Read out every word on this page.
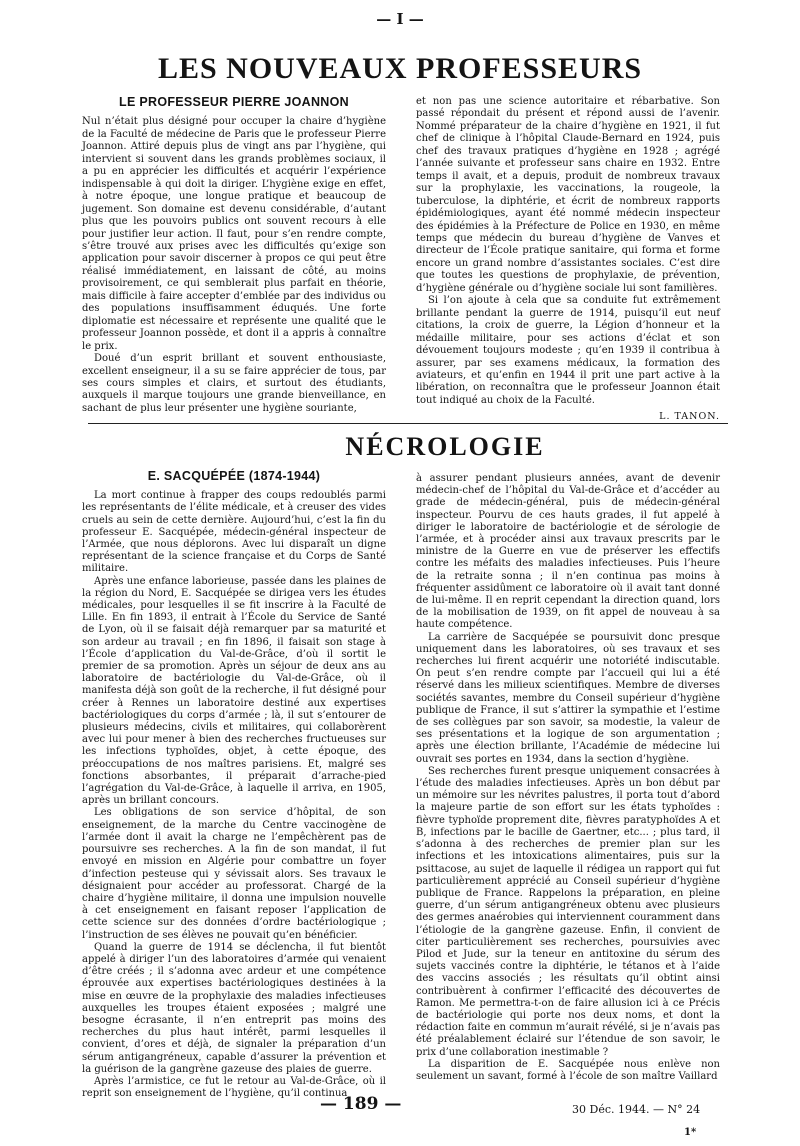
— I —
LES NOUVEAUX PROFESSEURS
LE PROFESSEUR PIERRE JOANNON

Nul n’était plus désigné pour occuper la chaire d’hygiène de la Faculté de médecine de Paris que le professeur Pierre Joannon. Attiré depuis plus de vingt ans par l’hygiène, qui intervient si souvent dans les grands problèmes sociaux, il a pu en apprécier les difficultés et acquérir l’expérience indispensable à qui doit la diriger. L’hygiène exige en effet, à notre époque, une longue pratique et beaucoup de jugement. Son domaine est devenu considérable, d’autant plus que les pouvoirs publics ont souvent recours à elle pour justifier leur action. Il faut, pour s’en rendre compte, s’être trouvé aux prises avec les difficultés qu’exige son application pour savoir discerner à propos ce qui peut être réalisé immédiatement, en laissant de côté, au moins provisoirement, ce qui semblerait plus parfait en théorie, mais difficile à faire accepter d’emblée par des individus ou des populations insuffisamment éduqués. Une forte diplomatie est nécessaire et représente une qualité que le professeur Joannon possède, et dont il a appris à connaître le prix.

Doué d’un esprit brillant et souvent enthousiaste, excellent enseigneur, il a su se faire apprécier de tous, par ses cours simples et clairs, et surtout des étudiants, auxquels il marque toujours une grande bienveillance, en sachant de plus leur présenter une hygiène souriante,

et non pas une science autoritaire et rébarbative. Son passé répondait du présent et répond aussi de l’avenir. Nommé préparateur de la chaire d’hygiène en 1921, il fut chef de clinique à l’hôpital Claude-Bernard en 1924, puis chef des travaux pratiques d’hygiène en 1928 ; agrégé l’année suivante et professeur sans chaire en 1932. Entre temps il avait, et a depuis, produit de nombreux travaux sur la prophylaxie, les vaccinations, la rougeole, la tuberculose, la diphtérie, et écrit de nombreux rapports épidémiologiques, ayant été nommé médecin inspecteur des épidémies à la Préfecture de Police en 1930, en même temps que médecin du bureau d’hygiène de Vanves et directeur de l’École pratique sanitaire, qui forma et forme encore un grand nombre d’assistantes sociales. C’est dire que toutes les questions de prophylaxie, de prévention, d’hygiène générale ou d’hygiène sociale lui sont familières.

Si l’on ajoute à cela que sa conduite fut extrêmement brillante pendant la guerre de 1914, puisqu’il eut neuf citations, la croix de guerre, la Légion d’honneur et la médaille militaire, pour ses actions d’éclat et son dévouement toujours modeste ; qu’en 1939 il contribua à assurer, par ses examens médicaux, la formation des aviateurs, et qu’enfin en 1944 il prit une part active à la libération, on reconnaîtra que le professeur Joannon était tout indiqué au choix de la Faculté.

L. TANON.
NÉCROLOGIE
E. SACQUÉPÉE (1874-1944)

La mort continue à frapper des coups redoublés parmi les représentants de l’élite médicale, et à creuser des vides cruels au sein de cette dernière. Aujourd’hui, c’est la fin du professeur E. Sacquépée, médecin-général inspecteur de l’Armée, que nous déplorons. Avec lui disparaît un digne représentant de la science française et du Corps de Santé militaire.

Après une enfance laborieuse, passée dans les plaines de la région du Nord, E. Sacquépée se dirigea vers les études médicales, pour lesquelles il se fit inscrire à la Faculté de Lille. En fin 1893, il entrait à l’École du Service de Santé de Lyon, où il se faisait déjà remarquer par sa maturité et son ardeur au travail ; en fin 1896, il faisait son stage à l’École d’application du Val-de-Grâce, d’où il sortit le premier de sa promotion. Après un séjour de deux ans au laboratoire de bactériologie du Val-de-Grâce, où il manifesta déjà son goût de la recherche, il fut désigné pour créer à Rennes un laboratoire destiné aux expertises bactériologiques du corps d’armée ; là, il sut s’entourer de plusieurs médecins, civils et militaires, qui collaborèrent avec lui pour mener à bien des recherches fructueuses sur les infections typhoïdes, objet, à cette époque, des préoccupations de nos maîtres parisiens. Et, malgré ses fonctions absorbantes, il préparait d’arrache-pied l’agrégation du Val-de-Grâce, à laquelle il arriva, en 1905, après un brillant concours.

Les obligations de son service d’hôpital, de son enseignement, de la marche du Centre vaccinogène de l’armée dont il avait la charge ne l’empêchèrent pas de poursuivre ses recherches. A la fin de son mandat, il fut envoyé en mission en Algérie pour combattre un foyer d’infection pesteuse qui y sévissait alors. Ses travaux le désignaient pour accéder au professorat. Chargé de la chaire d’hygiène militaire, il donna une impulsion nouvelle à cet enseignement en faisant reposer l’application de cette science sur des données d’ordre bactériologique ; l’instruction de ses élèves ne pouvait qu’en bénéficier.

Quand la guerre de 1914 se déclencha, il fut bientôt appelé à diriger l’un des laboratoires d’armée qui venaient d’être créés ; il s’adonna avec ardeur et une compétence éprouvée aux expertises bactériologiques destinées à la mise en œuvre de la prophylaxie des maladies infectieuses auxquelles les troupes étaient exposées ; malgré une besogne écrasante, il n’en entreprit pas moins des recherches du plus haut intérêt, parmi lesquelles il convient, d’ores et déjà, de signaler la préparation d’un sérum antigangréneux, capable d’assurer la prévention et la guérison de la gangrène gazeuse des plaies de guerre.

Après l’armistice, ce fut le retour au Val-de-Grâce, où il reprit son enseignement de l’hygiène, qu’il continua

à assurer pendant plusieurs années, avant de devenir médecin-chef de l’hôpital du Val-de-Grâce et d’accéder au grade de médecin-général, puis de médecin-général inspecteur. Pourvu de ces hauts grades, il fut appelé à diriger le laboratoire de bactériologie et de sérologie de l’armée, et à procéder ainsi aux travaux prescrits par le ministre de la Guerre en vue de préserver les effectifs contre les méfaits des maladies infectieuses. Puis l’heure de la retraite sonna ; il n’en continua pas moins à fréquenter assidûment ce laboratoire où il avait tant donné de lui-même. Il en reprit cependant la direction quand, lors de la mobilisation de 1939, on fit appel de nouveau à sa haute compétence.

La carrière de Sacquépée se poursuivit donc presque uniquement dans les laboratoires, où ses travaux et ses recherches lui firent acquérir une notoriété indiscutable. On peut s’en rendre compte par l’accueil qui lui a été réservé dans les milieux scientifiques. Membre de diverses sociétés savantes, membre du Conseil supérieur d’hygiène publique de France, il sut s’attirer la sympathie et l’estime de ses collègues par son savoir, sa modestie, la valeur de ses présentations et la logique de son argumentation ; après une élection brillante, l’Académie de médecine lui ouvrait ses portes en 1934, dans la section d’hygiène.

Ses recherches furent presque uniquement consacrées à l’étude des maladies infectieuses. Après un bon début par un mémoire sur les névrites palustres, il porta tout d’abord la majeure partie de son effort sur les états typhoïdes : fièvre typhoïde proprement dite, fièvres paratyphoïdes A et B, infections par le bacille de Gaertner, etc... ; plus tard, il s’adonna à des recherches de premier plan sur les infections et les intoxications alimentaires, puis sur la psittacose, au sujet de laquelle il rédigea un rapport qui fut particulièrement apprécié au Conseil supérieur d’hygiène publique de France. Rappelons la préparation, en pleine guerre, d’un sérum antigangréneux obtenu avec plusieurs des germes anaérobies qui interviennent couramment dans l’étiologie de la gangrène gazeuse. Enfin, il convient de citer particulièrement ses recherches, poursuivies avec Pilod et Jude, sur la teneur en antitoxine du sérum des sujets vaccinés contre la diphtérie, le tétanos et à l’aide des vaccins associés ; les résultats qu’il obtint ainsi contribuèrent à confirmer l’efficacité des découvertes de Ramon. Me permettra-t-on de faire allusion ici à ce Précis de bactériologie qui porte nos deux noms, et dont la rédaction faite en commun m’aurait révélé, si je n’avais pas été préalablement éclairé sur l’étendue de son savoir, le prix d’une collaboration inestimable ?

La disparition de E. Sacquépée nous enlève non seulement un savant, formé à l’école de son maître Vaillard

— 189 —	30 Déc. 1944. — N° 24
1*
